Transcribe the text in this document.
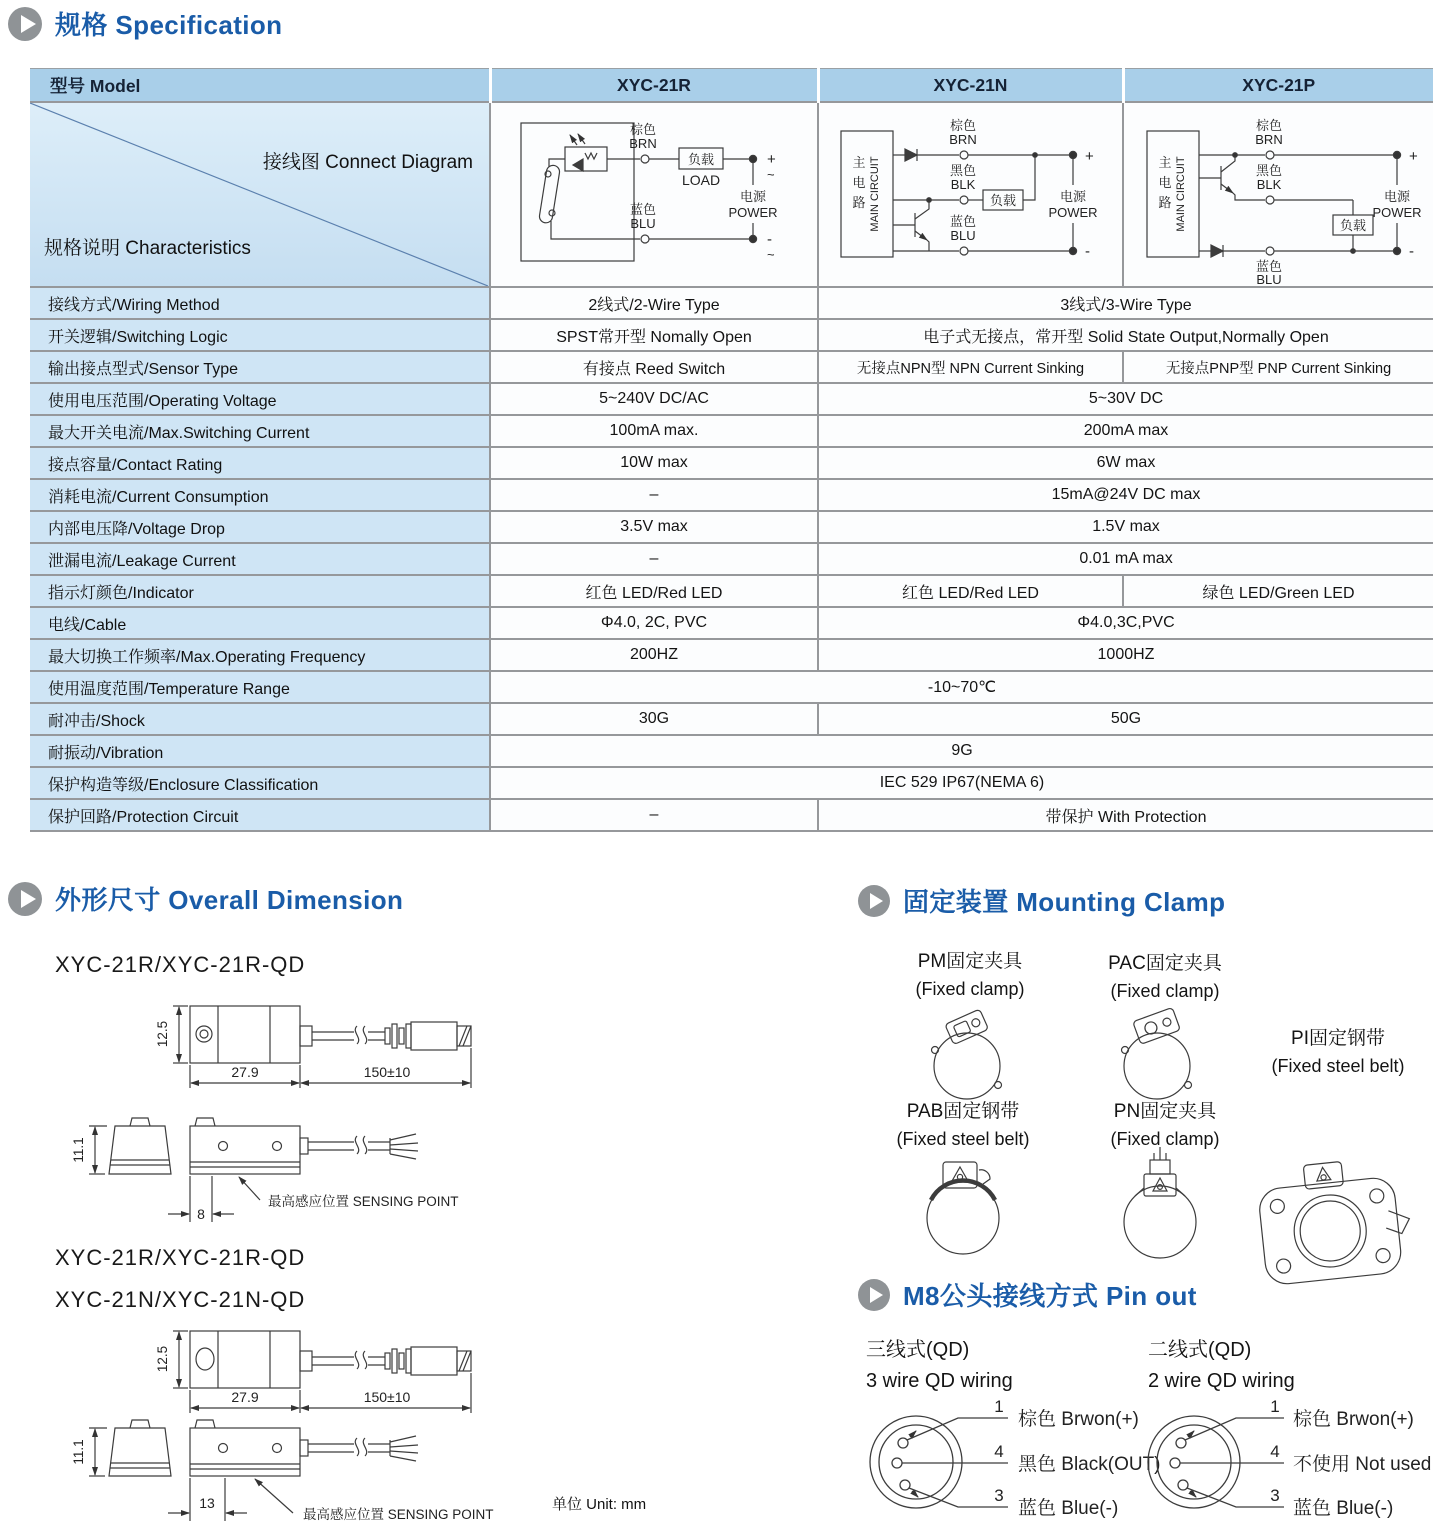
规格 Specification
型号 Model	XYC-21R	XYC-21N	XYC-21P

接线图 Connect Diagram
规格说明 Characteristics

棕色
BRN
负载
LOAD
+
~
电源
POWER
-
~
蓝色
BLU

主
电
路 MAIN CIRCUIT
棕色
BRN
黑色
BLK
负载
蓝色
BLU
+
电源
POWER
-

主
电
路 MAIN CIRCUIT
棕色
BRN
黑色
BLK
负载
蓝色
BLU
+
电源
POWER
-

接线方式/Wiring Method	2线式/2-Wire Type	3线式/3-Wire Type	
开关逻辑/Switching Logic	SPST常开型 Nomally Open	电子式无接点，常开型 Solid State Output,Normally Open	
输出接点型式/Sensor Type	有接点 Reed Switch	无接点NPN型 NPN Current Sinking	无接点PNP型 PNP Current Sinking
使用电压范围/Operating Voltage	5~240V DC/AC	5~30V DC	
最大开关电流/Max.Switching Current	100mA max.	200mA max	
接点容量/Contact Rating	10W max	6W max	
消耗电流/Current Consumption	–	15mA@24V DC max	
内部电压降/Voltage Drop	3.5V max	1.5V max	
泄漏电流/Leakage Current	–	0.01 mA max	
指示灯颜色/Indicator	红色 LED/Red LED	红色 LED/Red LED	绿色 LED/Green LED
电线/Cable	Φ4.0, 2C, PVC	Φ4.0,3C,PVC	
最大切换工作频率/Max.Operating Frequency	200HZ	1000HZ	
使用温度范围/Temperature Range	-10~70℃		
耐冲击/Shock	30G	50G	
耐振动/Vibration	9G		
保护构造等级/Enclosure Classification	IEC 529 IP67(NEMA 6)		
保护回路/Protection Circuit	–	带保护 With Protection	
外形尺寸 Overall Dimension
XYC-21R/XYC-21R-QD
12.5
27.9	150±10
11.1
8
最高感应位置 SENSING POINT
XYC-21R/XYC-21R-QD
XYC-21N/XYC-21N-QD
12.5
27.9	150±10
11.1
13
最高感应位置 SENSING POINT
单位 Unit: mm
固定装置 Mounting Clamp
PM固定夹具
(Fixed clamp)
PAC固定夹具
(Fixed clamp)
PI固定钢带
(Fixed steel belt)
PAB固定钢带
(Fixed steel belt)
PN固定夹具
(Fixed clamp)
M8公头接线方式 Pin out
三线式(QD)
3 wire QD wiring
二线式(QD)
2 wire QD wiring
1
棕色 Brwon(+)
4
黑色 Black(OUT)
3
蓝色 Blue(-)
1
棕色 Brwon(+)
4
不使用 Not used
3
蓝色 Blue(-)
